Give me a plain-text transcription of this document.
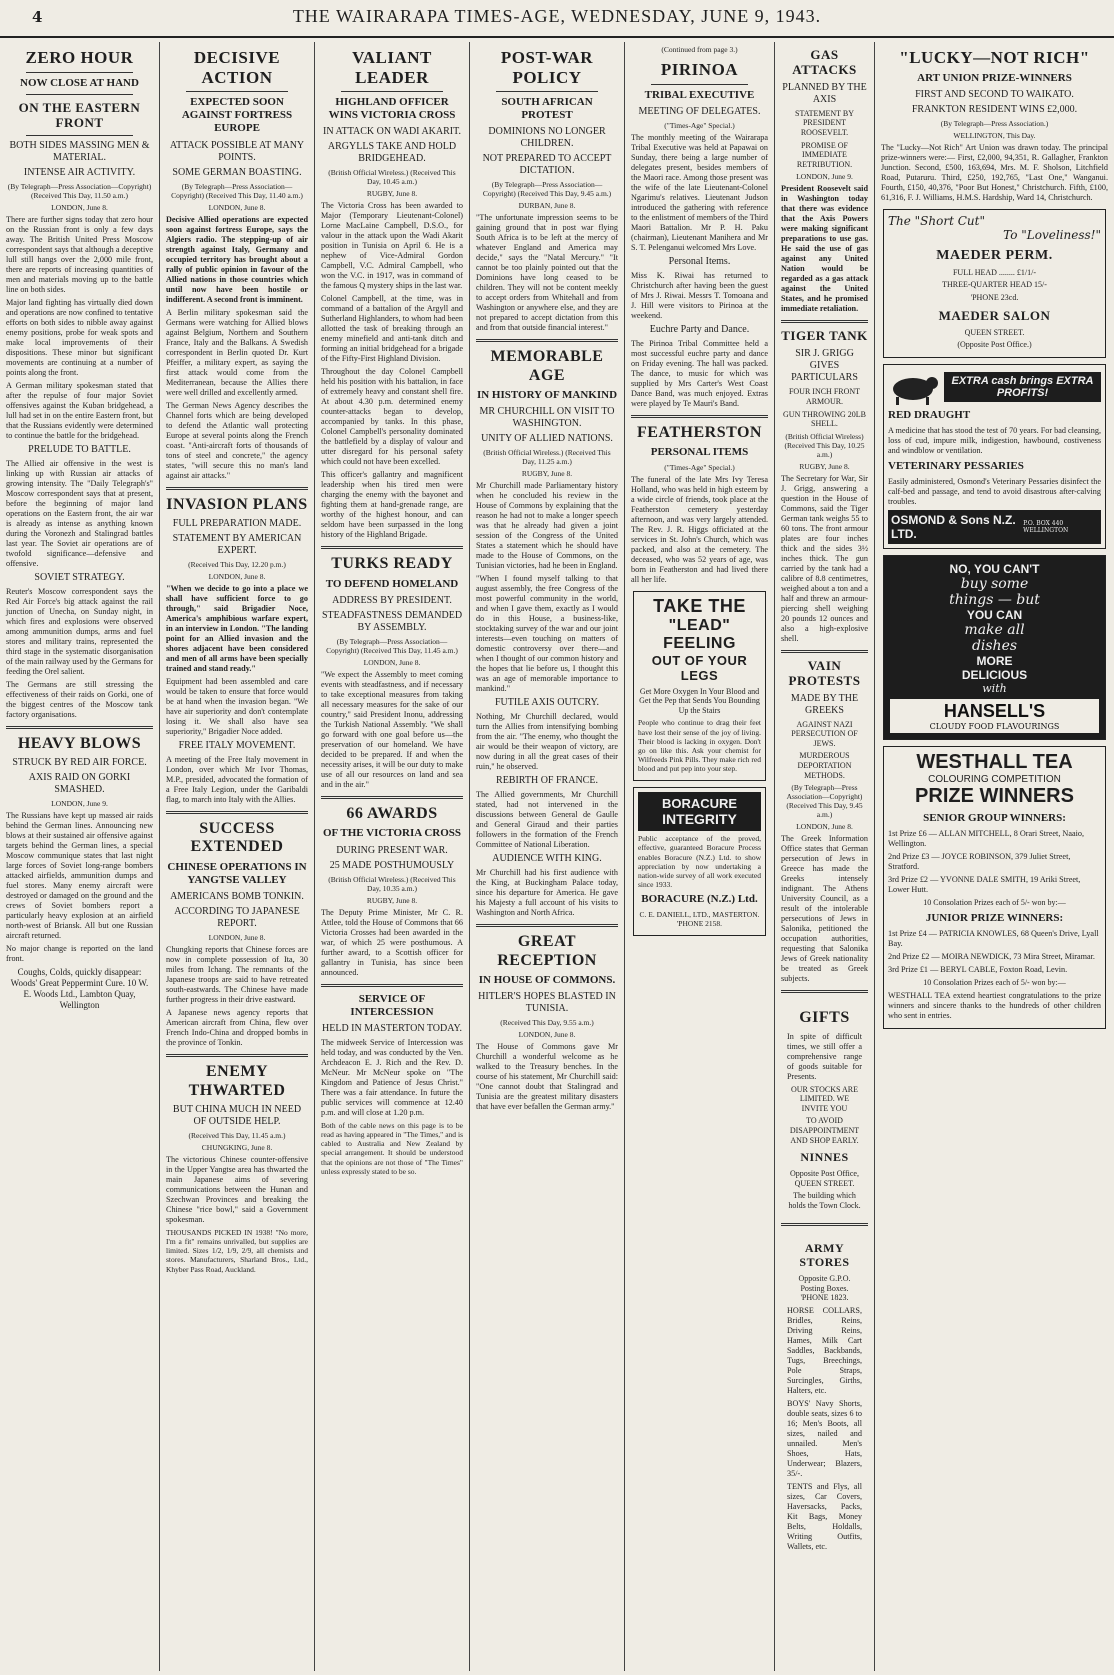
4	THE WAIRARAPA TIMES-AGE, WEDNESDAY, JUNE 9, 1943.
ZERO HOUR
NOW CLOSE AT HAND
ON THE EASTERN FRONT
BOTH SIDES MASSING MEN & MATERIAL.
INTENSE AIR ACTIVITY.
(By Telegraph—Press Association—Copyright) (Received This Day, 11.50 a.m.)
LONDON, June 8.

There are further signs today that zero hour on the Russian front is only a few days away. The British United Press Moscow correspondent says that although a deceptive lull still hangs over the 2,000 mile front, there are reports of increasing quantities of men and materials moving up to the battle line on both sides.

Major land fighting has virtually died down and operations are now confined to tentative efforts on both sides to nibble away against enemy positions, probe for weak spots and make local improvements of their dispositions. These minor but significant movements are continuing at a number of points along the front.

A German military spokesman stated that after the repulse of four major Soviet offensives against the Kuban bridgehead, a lull had set in on the entire Eastern front, but that the Russians evidently were determined to continue the battle for the bridgehead.

PRELUDE TO BATTLE.

The Allied air offensive in the west is linking up with Russian air attacks of growing intensity. The "Daily Telegraph's" Moscow correspondent says that at present, before the beginning of major land operations on the Eastern front, the air war is already as intense as anything known during the Voronezh and Stalingrad battles last year. The Soviet air operations are of twofold significance—defensive and offensive.

SOVIET STRATEGY.

Reuter's Moscow correspondent says the Red Air Force's big attack against the rail junction of Unecha, on Sunday night, in which fires and explosions were observed among ammunition dumps, arms and fuel stores and military trains, represented the third stage in the systematic disorganisation of the main railway used by the Germans for feeding the Orel salient.

The Germans are still stressing the effectiveness of their raids on Gorki, one of the biggest centres of the Moscow tank factory organisations.

HEAVY BLOWS
STRUCK BY RED AIR FORCE.
AXIS RAID ON GORKI SMASHED.
LONDON, June 9.

The Russians have kept up massed air raids behind the German lines. Announcing new blows at their sustained air offensive against targets behind the German lines, a special Moscow communique states that last night large forces of Soviet long-range bombers attacked airfields, ammunition dumps and fuel stores. Many enemy aircraft were destroyed or damaged on the ground and the crews of Soviet bombers report a particularly heavy explosion at an airfield north-west of Briansk. All but one Russian aircraft returned.

No major change is reported on the land front.

Coughs, Colds, quickly disappear: Woods' Great Peppermint Cure. 10 W. E. Woods Ltd., Lambton Quay, Wellington

DECISIVE ACTION
EXPECTED SOON AGAINST FORTRESS EUROPE
ATTACK POSSIBLE AT MANY POINTS.
SOME GERMAN BOASTING.
(By Telegraph—Press Association—Copyright) (Received This Day, 11.40 a.m.)
LONDON, June 8.

Decisive Allied operations are expected soon against fortress Europe, says the Algiers radio. The stepping-up of air strength against Italy, Germany and occupied territory has brought about a rally of public opinion in favour of the Allied nations in those countries which until now have been hostile or indifferent. A second front is imminent.

A Berlin military spokesman said the Germans were watching for Allied blows against Belgium, Northern and Southern France, Italy and the Balkans. A Swedish correspondent in Berlin quoted Dr. Kurt Pfeiffer, a military expert, as saying the first attack would come from the Mediterranean, because the Allies there were well drilled and excellently armed.

The German News Agency describes the Channel forts which are being developed to defend the Atlantic wall protecting Europe at several points along the French coast. "Anti-aircraft forts of thousands of tons of steel and concrete," the agency states, "will secure this no man's land against air attacks."

INVASION PLANS
FULL PREPARATION MADE.
STATEMENT BY AMERICAN EXPERT.
(Received This Day, 12.20 p.m.)
LONDON, June 8.

"When we decide to go into a place we shall have sufficient force to go through," said Brigadier Noce, America's amphibious warfare expert, in an interview in London. "The landing point for an Allied invasion and the shores adjacent have been considered and men of all arms have been specially trained and stand ready."

Equipment had been assembled and care would be taken to ensure that force would be at hand when the invasion began. "We have air superiority and don't contemplate losing it. We shall also have sea superiority," Brigadier Noce added.

FREE ITALY MOVEMENT.

A meeting of the Free Italy movement in London, over which Mr Ivor Thomas, M.P., presided, advocated the formation of a Free Italy Legion, under the Garibaldi flag, to march into Italy with the Allies.

SUCCESS EXTENDED
CHINESE OPERATIONS IN YANGTSE VALLEY
AMERICANS BOMB TONKIN.
ACCORDING TO JAPANESE REPORT.
LONDON, June 8.

Chungking reports that Chinese forces are now in complete possession of Ita, 30 miles from Ichang. The remnants of the Japanese troops are said to have retreated south-eastwards. The Chinese have made further progress in their drive eastward.

A Japanese news agency reports that American aircraft from China, flew over French Indo-China and dropped bombs in the province of Tonkin.

ENEMY THWARTED
BUT CHINA MUCH IN NEED OF OUTSIDE HELP.
(Received This Day, 11.45 a.m.)
CHUNGKING, June 8.

The victorious Chinese counter-offensive in the Upper Yangtse area has thwarted the main Japanese aims of severing communications between the Hunan and Szechwan Provinces and breaking the Chinese "rice bowl," said a Government spokesman.

THOUSANDS PICKED IN 1938! "No more, I'm a fit" remains unrivalled, but supplies are limited. Sizes 1/2, 1/9, 2/9, all chemists and stores. Manufacturers, Sharland Bros., Ltd., Khyber Pass Road, Auckland.

VALIANT LEADER
HIGHLAND OFFICER WINS VICTORIA CROSS
IN ATTACK ON WADI AKARIT.
ARGYLLS TAKE AND HOLD BRIDGEHEAD.
(British Official Wireless.) (Received This Day, 10.45 a.m.)
RUGBY, June 8.

The Victoria Cross has been awarded to Major (Temporary Lieutenant-Colonel) Lorne MacLaine Campbell, D.S.O., for valour in the attack upon the Wadi Akarit position in Tunisia on April 6. He is a nephew of Vice-Admiral Gordon Campbell, V.C. Admiral Campbell, who won the V.C. in 1917, was in command of the famous Q mystery ships in the last war.

Colonel Campbell, at the time, was in command of a battalion of the Argyll and Sutherland Highlanders, to whom had been allotted the task of breaking through an enemy minefield and anti-tank ditch and forming an initial bridgehead for a brigade of the Fifty-First Highland Division.

Throughout the day Colonel Campbell held his position with his battalion, in face of extremely heavy and constant shell fire. At about 4.30 p.m. determined enemy counter-attacks began to develop, accompanied by tanks. In this phase, Colonel Campbell's personality dominated the battlefield by a display of valour and utter disregard for his personal safety which could not have been excelled.

This officer's gallantry and magnificent leadership when his tired men were charging the enemy with the bayonet and fighting them at hand-grenade range, are worthy of the highest honour, and can seldom have been surpassed in the long history of the Highland Brigade.

TURKS READY
TO DEFEND HOMELAND
ADDRESS BY PRESIDENT.
STEADFASTNESS DEMANDED BY ASSEMBLY.
(By Telegraph—Press Association—Copyright) (Received This Day, 11.45 a.m.)
LONDON, June 8.

"We expect the Assembly to meet coming events with steadfastness, and if necessary to take exceptional measures from taking all necessary measures for the sake of our country," said President Inonu, addressing the Turkish National Assembly. "We shall go forward with one goal before us—the preservation of our homeland. We have decided to be prepared. If and when the necessity arises, it will be our duty to make use of all our resources on land and sea and in the air."

66 AWARDS
OF THE VICTORIA CROSS
DURING PRESENT WAR.
25 MADE POSTHUMOUSLY
(British Official Wireless.) (Received This Day, 10.35 a.m.)
RUGBY, June 8.

The Deputy Prime Minister, Mr C. R. Attlee, told the House of Commons that 66 Victoria Crosses had been awarded in the war, of which 25 were posthumous. A further award, to a Scottish officer for gallantry in Tunisia, has since been announced.

SERVICE OF INTERCESSION
HELD IN MASTERTON TODAY.

The midweek Service of Intercession was held today, and was conducted by the Ven. Archdeacon E. J. Rich and the Rev. D. McNeur. Mr McNeur spoke on "The Kingdom and Patience of Jesus Christ." There was a fair attendance. In future the public services will commence at 12.40 p.m. and will close at 1.20 p.m.

Both of the cable news on this page is to be read as having appeared in "The Times," and is cabled to Australia and New Zealand by special arrangement. It should be understood that the opinions are not those of "The Times" unless expressly stated to be so.

POST-WAR POLICY
SOUTH AFRICAN PROTEST
DOMINIONS NO LONGER CHILDREN.
NOT PREPARED TO ACCEPT DICTATION.
(By Telegraph—Press Association—Copyright) (Received This Day, 9.45 a.m.)
DURBAN, June 8.

"The unfortunate impression seems to be gaining ground that in post war flying South Africa is to be left at the mercy of whatever England and America may decide," says the "Natal Mercury." "It cannot be too plainly pointed out that the Dominions have long ceased to be children. They will not be content meekly to accept orders from Whitehall and from Washington or anywhere else, and they are not prepared to accept dictation from this and from that outside financial interest."

MEMORABLE AGE
IN HISTORY OF MANKIND
MR CHURCHILL ON VISIT TO WASHINGTON.
UNITY OF ALLIED NATIONS.
(British Official Wireless.) (Received This Day, 11.25 a.m.)
RUGBY, June 8.

Mr Churchill made Parliamentary history when he concluded his review in the House of Commons by explaining that the reason he had not to make a longer speech was that he already had given a joint session of the Congress of the United States a statement which he should have made to the House of Commons, on the Tunisian victories, had he been in England.

"When I found myself talking to that august assembly, the free Congress of the most powerful community in the world, and when I gave them, exactly as I would do in this House, a business-like, stocktaking survey of the war and our joint interests—even touching on matters of domestic controversy over there—and when I thought of our common history and the hopes that lie before us, I thought this was an age of memorable importance to mankind."

FUTILE AXIS OUTCRY.

Nothing, Mr Churchill declared, would turn the Allies from intensifying bombing from the air. "The enemy, who thought the air would be their weapon of victory, are now during in all the great cases of their ruin," he observed.

REBIRTH OF FRANCE.

The Allied governments, Mr Churchill stated, had not intervened in the discussions between General de Gaulle and General Giraud and their parties followers in the formation of the French Committee of National Liberation.

AUDIENCE WITH KING.

Mr Churchill had his first audience with the King, at Buckingham Palace today, since his departure for America. He gave his Majesty a full account of his visits to Washington and North Africa.

GREAT RECEPTION
IN HOUSE OF COMMONS.
HITLER'S HOPES BLASTED IN TUNISIA.
(Received This Day, 9.55 a.m.)
LONDON, June 8.

The House of Commons gave Mr Churchill a wonderful welcome as he walked to the Treasury benches. In the course of his statement, Mr Churchill said: "One cannot doubt that Stalingrad and Tunisia are the greatest military disasters that have ever befallen the German army."

(Continued from page 3.)
PIRINOA
TRIBAL EXECUTIVE
MEETING OF DELEGATES.
("Times-Age" Special.)

The monthly meeting of the Wairarapa Tribal Executive was held at Papawai on Sunday, there being a large number of delegates present, besides members of the Maori race. Among those present was the wife of the late Lieutenant-Colonel Ngarimu's relatives. Lieutenant Judson introduced the gathering with reference to the enlistment of members of the Third Maori Battalion. Mr P. H. Paku (chairman), Lieutenant Manihera and Mr S. T. Pelenganui welcomed Mrs Love.

Personal Items.

Miss K. Riwai has returned to Christchurch after having been the guest of Mrs J. Riwai. Messrs T. Tomoana and J. Hill were visitors to Pirinoa at the weekend.

Euchre Party and Dance.

The Pirinoa Tribal Committee held a most successful euchre party and dance on Friday evening. The hall was packed. The dance, to music for which was supplied by Mrs Carter's West Coast Dance Band, was much enjoyed. Extras were played by Te Mauri's Band.

FEATHERSTON
PERSONAL ITEMS
("Times-Age" Special.)

The funeral of the late Mrs Ivy Teresa Holland, who was held in high esteem by a wide circle of friends, took place at the Featherston cemetery yesterday afternoon, and was very largely attended. The Rev. J. R. Higgs officiated at the services in St. John's Church, which was packed, and also at the cemetery. The deceased, who was 52 years of age, was born in Featherston and had lived there all her life.

TAKE THE
"LEAD" FEELING
OUT OF YOUR LEGS
Get More Oxygen In Your Blood and Get the Pep that Sends You Bounding Up the Stairs

People who continue to drag their feet have lost their sense of the joy of living. Their blood is lacking in oxygen. Don't go on like this. Ask your chemist for Wilfreeds Pink Pills. They make rich red blood and put pep into your step.

BORACURE
INTEGRITY

Public acceptance of the proved, effective, guaranteed Boracure Process enables Boracure (N.Z.) Ltd. to show appreciation by now undertaking a nation-wide survey of all work executed since 1933.

BORACURE (N.Z.) Ltd.
C. E. DANIELL, LTD., MASTERTON. 'PHONE 2158.
GAS ATTACKS
PLANNED BY THE AXIS
STATEMENT BY PRESIDENT ROOSEVELT.
PROMISE OF IMMEDIATE RETRIBUTION.
LONDON, June 9.

President Roosevelt said in Washington today that there was evidence that the Axis Powers were making significant preparations to use gas. He said the use of gas against any United Nation would be regarded as a gas attack against the United States, and he promised immediate retaliation.

TIGER TANK
SIR J. GRIGG GIVES PARTICULARS
FOUR INCH FRONT ARMOUR.
GUN THROWING 20LB SHELL.
(British Official Wireless) (Received This Day, 10.25 a.m.)
RUGBY, June 8.

The Secretary for War, Sir J. Grigg, answering a question in the House of Commons, said the Tiger German tank weighs 55 to 60 tons. The front armour plates are four inches thick and the sides 3½ inches thick. The gun carried by the tank had a calibre of 8.8 centimetres, weighed about a ton and a half and threw an armour-piercing shell weighing 20 pounds 12 ounces and also a high-explosive shell.

VAIN PROTESTS
MADE BY THE GREEKS
AGAINST NAZI PERSECUTION OF JEWS.
MURDEROUS DEPORTATION METHODS.
(By Telegraph—Press Association—Copyright) (Received This Day, 9.45 a.m.)
LONDON, June 8.

The Greek Information Office states that German persecution of Jews in Greece has made the Greeks intensely indignant. The Athens University Council, as a result of the intolerable persecutions of Jews in Salonika, petitioned the occupation authorities, requesting that Salonika Jews of Greek nationality be treated as Greek subjects.

GIFTS

In spite of difficult times, we still offer a comprehensive range of goods suitable for Presents.

OUR STOCKS ARE LIMITED. WE INVITE YOU
TO AVOID DISAPPOINTMENT AND SHOP EARLY.
NINNES
Opposite Post Office, QUEEN STREET.
The building which holds the Town Clock.
ARMY STORES
Opposite G.P.O. Posting Boxes. 'PHONE 1823.

HORSE COLLARS, Bridles, Reins, Driving Reins, Hames, Milk Cart Saddles, Backbands, Tugs, Breechings, Pole Straps, Surcingles, Girths, Halters, etc.

BOYS' Navy Shorts, double seats, sizes 6 to 16; Men's Boots, all sizes, nailed and unnailed. Men's Shoes, Hats, Underwear; Blazers, 35/-.

TENTS and Flys, all sizes, Car Covers, Haversacks, Packs, Kit Bags, Money Belts, Holdalls, Writing Outfits, Wallets, etc.

"LUCKY—NOT RICH"
ART UNION PRIZE-WINNERS
FIRST AND SECOND TO WAIKATO.
FRANKTON RESIDENT WINS £2,000.
(By Telegraph—Press Association.)
WELLINGTON, This Day.

The "Lucky—Not Rich" Art Union was drawn today. The principal prize-winners were:— First, £2,000, 94,351, R. Gallagher, Frankton Junction. Second, £500, 163,694, Mrs. M. F. Sholson, Litchfield Road, Putaruru. Third, £250, 192,765, "Last One," Wanganui. Fourth, £150, 40,376, "Poor But Honest," Christchurch. Fifth, £100, 61,316, F. J. Williams, H.M.S. Hardship, Ward 14, Christchurch.

The "Short Cut"
To "Loveliness!"
MAEDER PERM.
FULL HEAD ........ £1/1/-
THREE-QUARTER HEAD 15/-
'PHONE 23cd.
MAEDER SALON
QUEEN STREET.
(Opposite Post Office.)
EXTRA cash brings EXTRA PROFITS!
RED DRAUGHT

A medicine that has stood the test of 70 years. For bad cleansing, loss of cud, impure milk, indigestion, hawbound, costiveness and windblow or ventilation.

VETERINARY PESSARIES

Easily administered, Osmond's Veterinary Pessaries disinfect the calf-bed and passage, and tend to avoid disastrous after-calving troubles.

OSMOND & Sons N.Z. LTD.
P.O. BOX 440 WELLINGTON
NO, YOU CAN'T
buy some
things — but
YOU CAN
make all
dishes
MORE
DELICIOUS
with
HANSELL'S
CLOUDY FOOD FLAVOURINGS
WESTHALL TEA
COLOURING COMPETITION
PRIZE WINNERS
SENIOR GROUP WINNERS:
1st Prize £6 — ALLAN MITCHELL, 8 Orari Street, Naaio, Wellington.
2nd Prize £3 — JOYCE ROBINSON, 379 Juliet Street, Stratford.
3rd Prize £2 — YVONNE DALE SMITH, 19 Ariki Street, Lower Hutt.
10 Consolation Prizes each of 5/- won by:—
JUNIOR PRIZE WINNERS:
1st Prize £4 — PATRICIA KNOWLES, 68 Queen's Drive, Lyall Bay.
2nd Prize £2 — MOIRA NEWDICK, 73 Mira Street, Miramar.
3rd Prize £1 — BERYL CABLE, Foxton Road, Levin.
10 Consolation Prizes each of 5/- won by:—

WESTHALL TEA extend heartiest congratulations to the prize winners and sincere thanks to the hundreds of other children who sent in entries.
